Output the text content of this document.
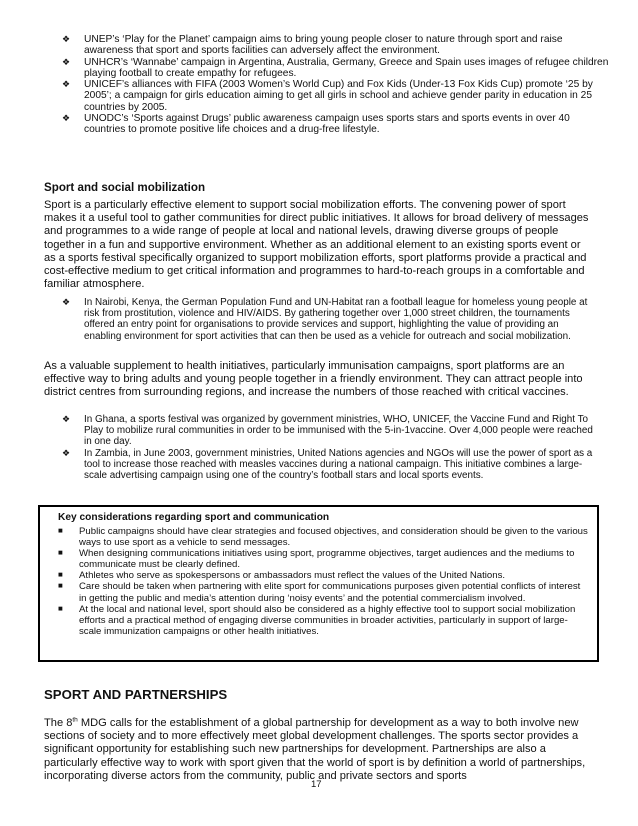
❖ UNEP’s ‘Play for the Planet’ campaign aims to bring young people closer to nature through sport and raise awareness that sport and sports facilities can adversely affect the environment.
❖ UNHCR’s ‘Wannabe’ campaign in Argentina, Australia, Germany, Greece and Spain uses images of refugee children playing football to create empathy for refugees.
❖ UNICEF’s alliances with FIFA (2003 Women’s World Cup) and Fox Kids (Under-13 Fox Kids Cup) promote ‘25 by 2005’; a campaign for girls education aiming to get all girls in school and achieve gender parity in education in 25 countries by 2005.
❖ UNODC’s ‘Sports against Drugs’ public awareness campaign uses sports stars and sports events in over 40 countries to promote positive life choices and a drug-free lifestyle.
Sport and social mobilization

Sport is a particularly effective element to support social mobilization efforts. The convening power of sport makes it a useful tool to gather communities for direct public initiatives. It allows for broad delivery of messages and programmes to a wide range of people at local and national levels, drawing diverse groups of people together in a fun and supportive environment. Whether as an additional element to an existing sports event or as a sports festival specifically organized to support mobilization efforts, sport platforms provide a practical and cost-effective medium to get critical information and programmes to hard-to-reach groups in a comfortable and familiar atmosphere.

❖ In Nairobi, Kenya, the German Population Fund and UN-Habitat ran a football league for homeless young people at risk from prostitution, violence and HIV/AIDS. By gathering together over 1,000 street children, the tournaments offered an entry point for organisations to provide services and support, highlighting the value of providing an enabling environment for sport activities that can then be used as a vehicle for outreach and social mobilization.

As a valuable supplement to health initiatives, particularly immunisation campaigns, sport platforms are an effective way to bring adults and young people together in a friendly environment. They can attract people into district centres from surrounding regions, and increase the numbers of those reached with critical vaccines.

❖ In Ghana, a sports festival was organized by government ministries, WHO, UNICEF, the Vaccine Fund and Right To Play to mobilize rural communities in order to be immunised with the 5-in-1vaccine. Over 4,000 people were reached in one day.
❖ In Zambia, in June 2003, government ministries, United Nations agencies and NGOs will use the power of sport as a tool to increase those reached with measles vaccines during a national campaign. This initiative combines a large-scale advertising campaign using one of the country’s football stars and local sports events.

Key considerations regarding sport and communication

■ Public campaigns should have clear strategies and focused objectives, and consideration should be given to the various ways to use sport as a vehicle to send messages.
■ When designing communications initiatives using sport, programme objectives, target audiences and the mediums to communicate must be clearly defined.
■ Athletes who serve as spokespersons or ambassadors must reflect the values of the United Nations.
■ Care should be taken when partnering with elite sport for communications purposes given potential conflicts of interest in getting the public and media’s attention during ‘noisy events’ and the potential commercialism involved.
■ At the local and national level, sport should also be considered as a highly effective tool to support social mobilization efforts and a practical method of engaging diverse communities in broader activities, particularly in support of large-scale immunization campaigns or other health initiatives.
SPORT AND PARTNERSHIPS

The 8th MDG calls for the establishment of a global partnership for development as a way to both involve new sections of society and to more effectively meet global development challenges. The sports sector provides a significant opportunity for establishing such new partnerships for development. Partnerships are also a particularly effective way to work with sport given that the world of sport is by definition a world of partnerships, incorporating diverse actors from the community, public and private sectors and sports

17
